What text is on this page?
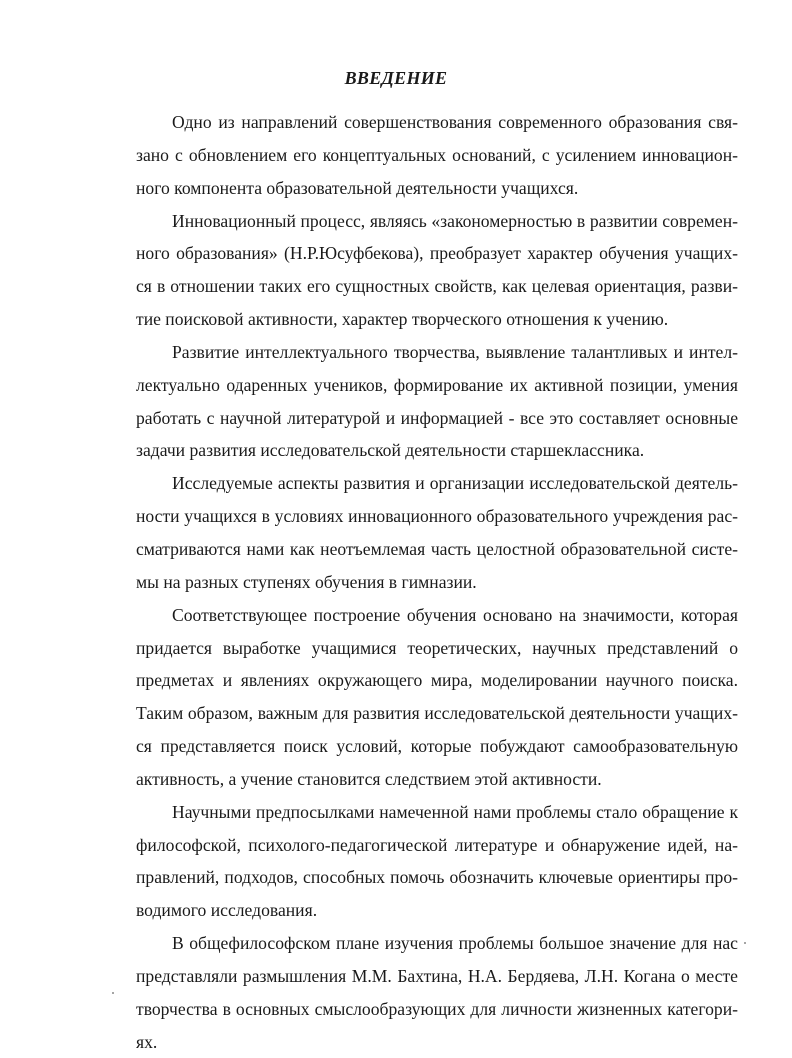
ВВЕДЕНИЕ
Одно из направлений совершенствования современного образования свя-
зано с обновлением его концептуальных оснований, с усилением инновацион-
ного компонента образовательной деятельности учащихся.
Инновационный процесс, являясь «закономерностью в развитии современ-
ного образования» (Н.Р.Юсуфбекова), преобразует характер обучения учащих-
ся в отношении таких его сущностных свойств, как целевая ориентация, разви-
тие поисковой активности, характер творческого отношения к учению.
Развитие интеллектуального творчества, выявление талантливых и интел-
лектуально одаренных учеников, формирование их активной позиции, умения
работать с научной литературой и информацией - все это составляет основные
задачи развития исследовательской деятельности старшеклассника.
Исследуемые аспекты развития и организации исследовательской деятель-
ности учащихся в условиях инновационного образовательного учреждения рас-
сматриваются нами как неотъемлемая часть целостной образовательной систе-
мы на разных ступенях обучения в гимназии.
Соответствующее построение обучения основано на значимости, которая
придается выработке учащимися теоретических, научных представлений о
предметах и явлениях окружающего мира, моделировании научного поиска.
Таким образом, важным для развития исследовательской деятельности учащих-
ся представляется поиск условий, которые побуждают самообразовательную
активность, а учение становится следствием этой активности.
Научными предпосылками намеченной нами проблемы стало обращение к
философской, психолого-педагогической литературе и обнаружение идей, на-
правлений, подходов, способных помочь обозначить ключевые ориентиры про-
водимого исследования.
В общефилософском плане изучения проблемы большое значение для нас
представляли размышления М.М. Бахтина, Н.А. Бердяева, Л.Н. Когана о месте
творчества в основных смыслообразующих для личности жизненных категори-
ях.
